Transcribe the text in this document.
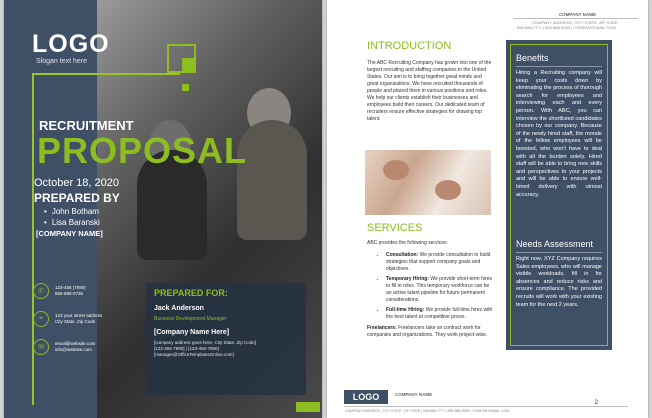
LOGO
Slogan text here
RECRUITMENT
PROPOSAL
October 18, 2020
PREPARED BY
• John Botham
• Lisa Baranski
[COMPANY NAME]
✆
123-456 (7890)
555-888-0735
⌖	123 your street address
City State, Zip Code
✉
email@website.com
info@website.com
PREPARED FOR:
Jack Anderson
Business Development Manager
[Company Name Here]
[company address goes here, City State, Zip Code]
[123-456-7890] | [123-456-7890]
[manager@OfficeTemplatesOnline.com]
COMPANY NAME
COMPANY ADDRESS, CITY STATE, ZIP CODE
555-888-7777 | 555-888-5555 | COMPANYEMAIL.COM
INTRODUCTION
The ABC Recruiting Company has grown into one of the largest recruiting and staffing companies in the United States. Our aim is to bring together great minds and great organizations. We have recruited thousands of people and placed them in various positions and roles. We help our clients establish their businesses and employees build their careers. Our dedicated team of recruiters ensure effective strategies for drawing top talent.
SERVICES
ABC provides the following services:
• Consultation: We provide consultation to build strategies that support company goals and objectives.
• Temporary Hiring: We provide short-term hires to fill in roles. This temporary workforce can be an active talent pipeline for future permanent considerations.
• Full-time Hiring: We provide full-time hires with the best talent at competitive prices.
Freelancers: Freelancers take on contract work for companies and organizations. They work project-wise.
Benefits
Hiring a Recruiting company will keep your costs down by eliminating the process of thorough search for employees and interviewing each and every person. With ABC, you can interview the shortlisted candidates chosen by our company. Because of the newly hired staff, the morale of the fellow employees will be boosted, who won't have to deal with all the burden solely. Hired staff will be able to bring new skills and perspectives to your projects and will be able to ensure well-timed delivery with utmost accuracy.
Needs Assessment
Right now, XYZ Company requires Sales employees, who will manage visible workloads, fill in for absences and reduce risks and ensure compliance. The provided recruits will work with your existing team for the next 2 years.
LOGO	COMPANY NAME
COMPANY ADDRESS, CITY STATE, ZIP CODE | 555-888-7777 | 555-888-5555 | COMPANYEMAIL.COM
2
